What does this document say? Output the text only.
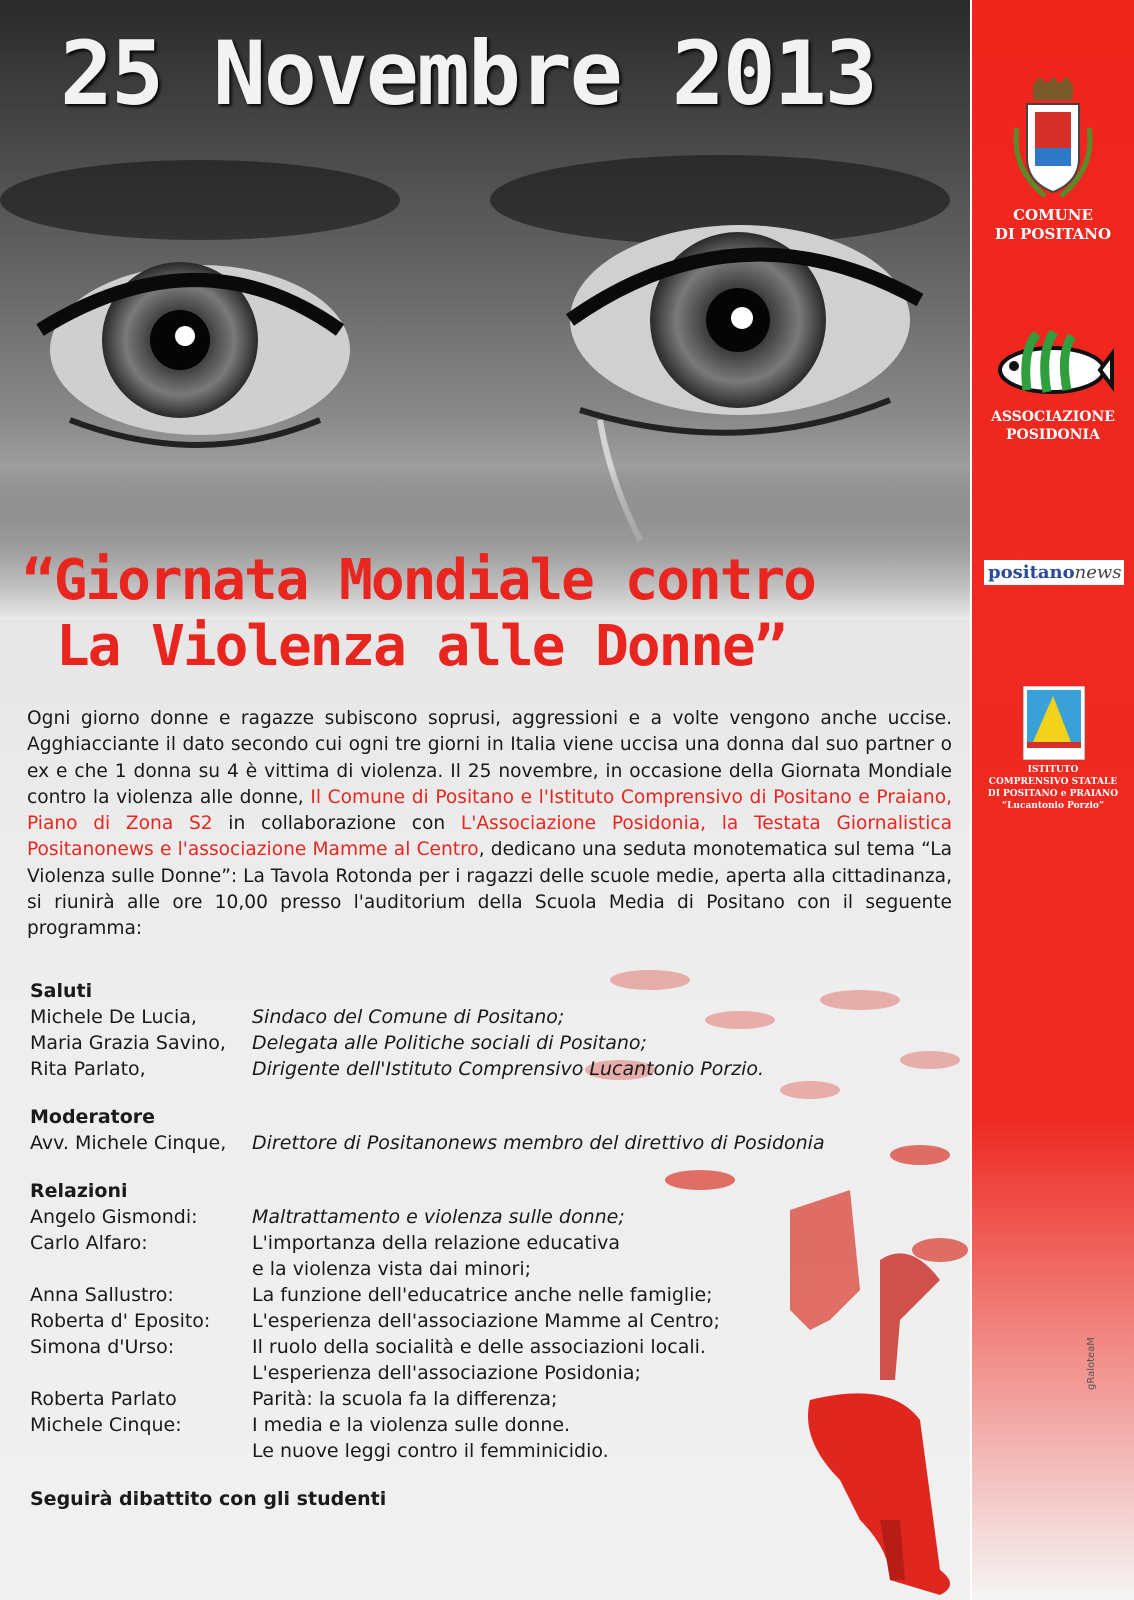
25 Novembre 2013
“Giornata Mondiale contro
La Violenza alle Donne”
Ogni giorno donne e ragazze subiscono soprusi, aggressioni e a volte vengono anche uccise. Agghiacciante il dato secondo cui ogni tre giorni in Italia viene uccisa una donna dal suo partner o ex e che 1 donna su 4 è vittima di violenza. Il 25 novembre, in occasione della Giornata Mondiale contro la violenza alle donne, Il Comune di Positano e l'Istituto Comprensivo di Positano e Praiano, Piano di Zona S2 in collaborazione con L'Associazione Posidonia, la Testata Giornalistica Positanonews e l'associazione Mamme al Centro, dedicano una seduta monotematica sul tema “La Violenza sulle Donne”: La Tavola Rotonda per i ragazzi delle scuole medie, aperta alla cittadinanza, si riunirà alle ore 10,00 presso l'auditorium della Scuola Media di Positano con il seguente programma:
Saluti
Michele De Lucia,	Sindaco del Comune di Positano;
Maria Grazia Savino,	Delegata alle Politiche sociali di Positano;
Rita Parlato,	Dirigente dell'Istituto Comprensivo Lucantonio Porzio.
Moderatore
Avv. Michele Cinque,	Direttore di Positanonews membro del direttivo di Posidonia
Relazioni
Angelo Gismondi:	Maltrattamento e violenza sulle donne;
Carlo Alfaro:	L'importanza della relazione educativa
e la violenza vista dai minori;
Anna Sallustro:	La funzione dell'educatrice anche nelle famiglie;
Roberta d' Eposito:	L'esperienza dell'associazione Mamme al Centro;
Simona d'Urso:	Il ruolo della socialità e delle associazioni locali.
L'esperienza dell'associazione Posidonia;
Roberta Parlato	Parità: la scuola fa la differenza;
Michele Cinque:	I media e la violenza sulle donne.
Le nuove leggi contro il femminicidio.
Seguirà dibattito con gli studenti
COMUNE
DI POSITANO
ASSOCIAZIONE
POSIDONIA
positanonews
ISTITUTO
COMPRENSIVO STATALE
DI POSITANO e PRAIANO
“Lucantonio Porzio”
gRaloteaM
